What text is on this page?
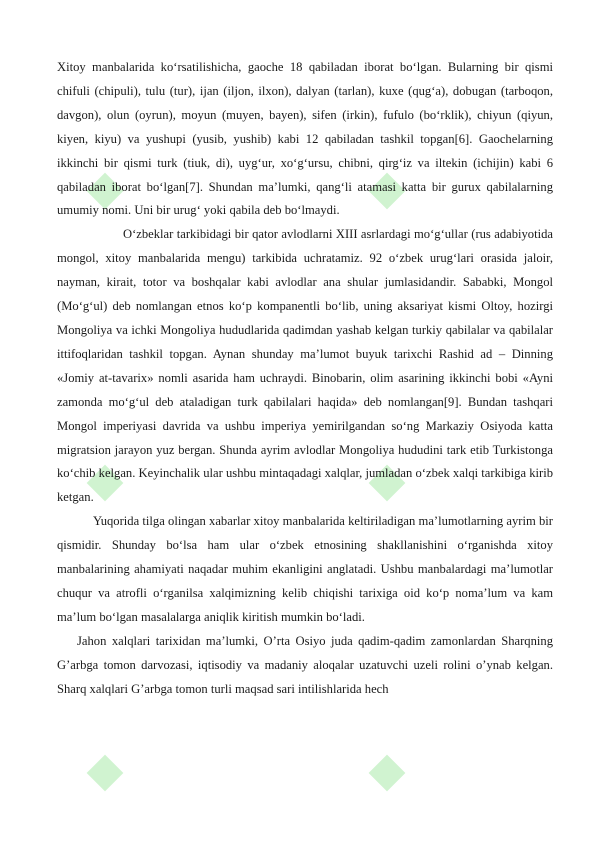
Xitoy manbalarida ko‘rsatilishicha, gaoche 18 qabiladan iborat bo‘lgan. Bularning bir qismi chifuli (chipuli), tulu (tur), ijan (iljon, ilxon), dalyan (tarlan), kuxe (qug‘a), dobugan (tarboqon, davgon), olun (oyrun), moyun (muyen, bayen), sifen (irkin), fufulo (bo‘rklik), chiyun (qiyun, kiyen, kiyu) va yushupi (yusib, yushib) kabi 12 qabiladan tashkil topgan[6]. Gaochelarning ikkinchi bir qismi turk (tiuk, di), uyg‘ur, xo‘g‘ursu, chibni, qirg‘iz va iltekin (ichijin) kabi 6 qabiladan iborat bo‘lgan[7]. Shundan ma’lumki, qang‘li atamasi katta bir gurux qabilalarning umumiy nomi. Uni bir urug‘ yoki qabila deb bo‘lmaydi.

O‘zbeklar tarkibidagi bir qator avlodlarni XIII asrlardagi mo‘g‘ullar (rus adabiyotida mongol, xitoy manbalarida mengu) tarkibida uchratamiz. 92 o‘zbek urug‘lari orasida jaloir, nayman, kirait, totor va boshqalar kabi avlodlar ana shular jumlasidandir. Sababki, Mongol (Mo‘g‘ul) deb nomlangan etnos ko‘p kompanentli bo‘lib, uning aksariyat kismi Oltoy, hozirgi Mongoliya va ichki Mongoliya hududlarida qadimdan yashab kelgan turkiy qabilalar va qabilalar ittifoqlaridan tashkil topgan. Aynan shunday ma’lumot buyuk tarixchi Rashid ad – Dinning «Jomiy at-tavarix» nomli asarida ham uchraydi. Binobarin, olim asarining ikkinchi bobi «Ayni zamonda mo‘g‘ul deb ataladigan turk qabilalari haqida» deb nomlangan[9]. Bundan tashqari Mongol imperiyasi davrida va ushbu imperiya yemirilgandan so‘ng Markaziy Osiyoda katta migratsion jarayon yuz bergan. Shunda ayrim avlodlar Mongoliya hududini tark etib Turkistonga ko‘chib kelgan. Keyinchalik ular ushbu mintaqadagi xalqlar, jumladan o‘zbek xalqi tarkibiga kirib ketgan.

Yuqorida tilga olingan xabarlar xitoy manbalarida keltiriladigan ma’lumotlarning ayrim bir qismidir. Shunday bo‘lsa ham ular o‘zbek etnosining shakllanishini o‘rganishda xitoy manbalarining ahamiyati naqadar muhim ekanligini anglatadi. Ushbu manbalardagi ma’lumotlar chuqur va atrofli o‘rganilsa xalqimizning kelib chiqishi tarixiga oid ko‘p noma’lum va kam ma’lum bo‘lgan masalalarga aniqlik kiritish mumkin bo‘ladi.

Jahon xalqlari tarixidan ma’lumki, O’rta Osiyo juda qadim-qadim zamonlardan Sharqning G’arbga tomon darvozasi, iqtisodiy va madaniy aloqalar uzatuvchi uzeli rolini o’ynab kelgan. Sharq xalqlari G’arbga tomon turli maqsad sari intilishlarida hech
